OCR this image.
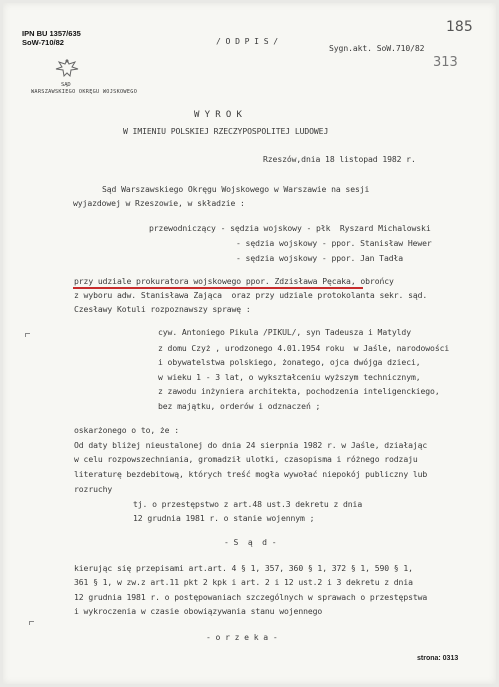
IPN BU 1357/635
SoW-710/82
185
313
/ O D P I S /
Sygn.akt. SoW.710/82
SĄD
WARSZAWSKIEGO OKRĘGU WOJSKOWEGO
W Y R O K
W IMIENIU POLSKIEJ RZECZYPOSPOLITEJ LUDOWEJ
Rzeszów,dnia 18 listopad 1982 r.
Sąd Warszawskiego Okręgu Wojskowego w Warszawie na sesji
wyjazdowej w Rzeszowie, w składzie :
przewodniczący - sędzia wojskowy - płk  Ryszard Michalowski
- sędzia wojskowy - ppor. Stanisław Hewer
- sędzia wojskowy - ppor. Jan Tadła
przy udziale prokuratora wojskowego ppor. Zdzisława Pęcaka, obrońcy
z wyboru adw. Stanisława Zająca  oraz przy udziale protokolanta sekr. sąd.
Czesławy Kotuli rozpoznawszy sprawę :
cyw. Antoniego Pikula /PIKUL/, syn Tadeusza i Matyldy
z domu Czyż , urodzonego 4.01.1954 roku  w Jaśle, narodowości
i obywatelstwa polskiego, żonatego, ojca dwójga dzieci,
w wieku 1 - 3 lat, o wykształceniu wyższym technicznym,
z zawodu inżyniera architekta, pochodzenia inteligenckiego,
bez majątku, orderów i odznaczeń ;
oskarżonego o to, że :
Od daty bliżej nieustalonej do dnia 24 sierpnia 1982 r. w Jaśle, działając
w celu rozpowszechniania, gromadził ulotki, czasopisma i różnego rodzaju
literaturę bezdebitową, których treść mogła wywołać niepokój publiczny lub
rozruchy
tj. o przestępstwo z art.48 ust.3 dekretu z dnia
12 grudnia 1981 r. o stanie wojennym ;
- S  ą  d -
kierując się przepisami art.art. 4 § 1, 357, 360 § 1, 372 § 1, 590 § 1,
361 § 1, w zw.z art.11 pkt 2 kpk i art. 2 i 12 ust.2 i 3 dekretu z dnia
12 grudnia 1981 r. o postępowaniach szczególnych w sprawach o przestępstwa
i wykroczenia w czasie obowiązywania stanu wojennego
- o r z e k a -
strona: 0313
